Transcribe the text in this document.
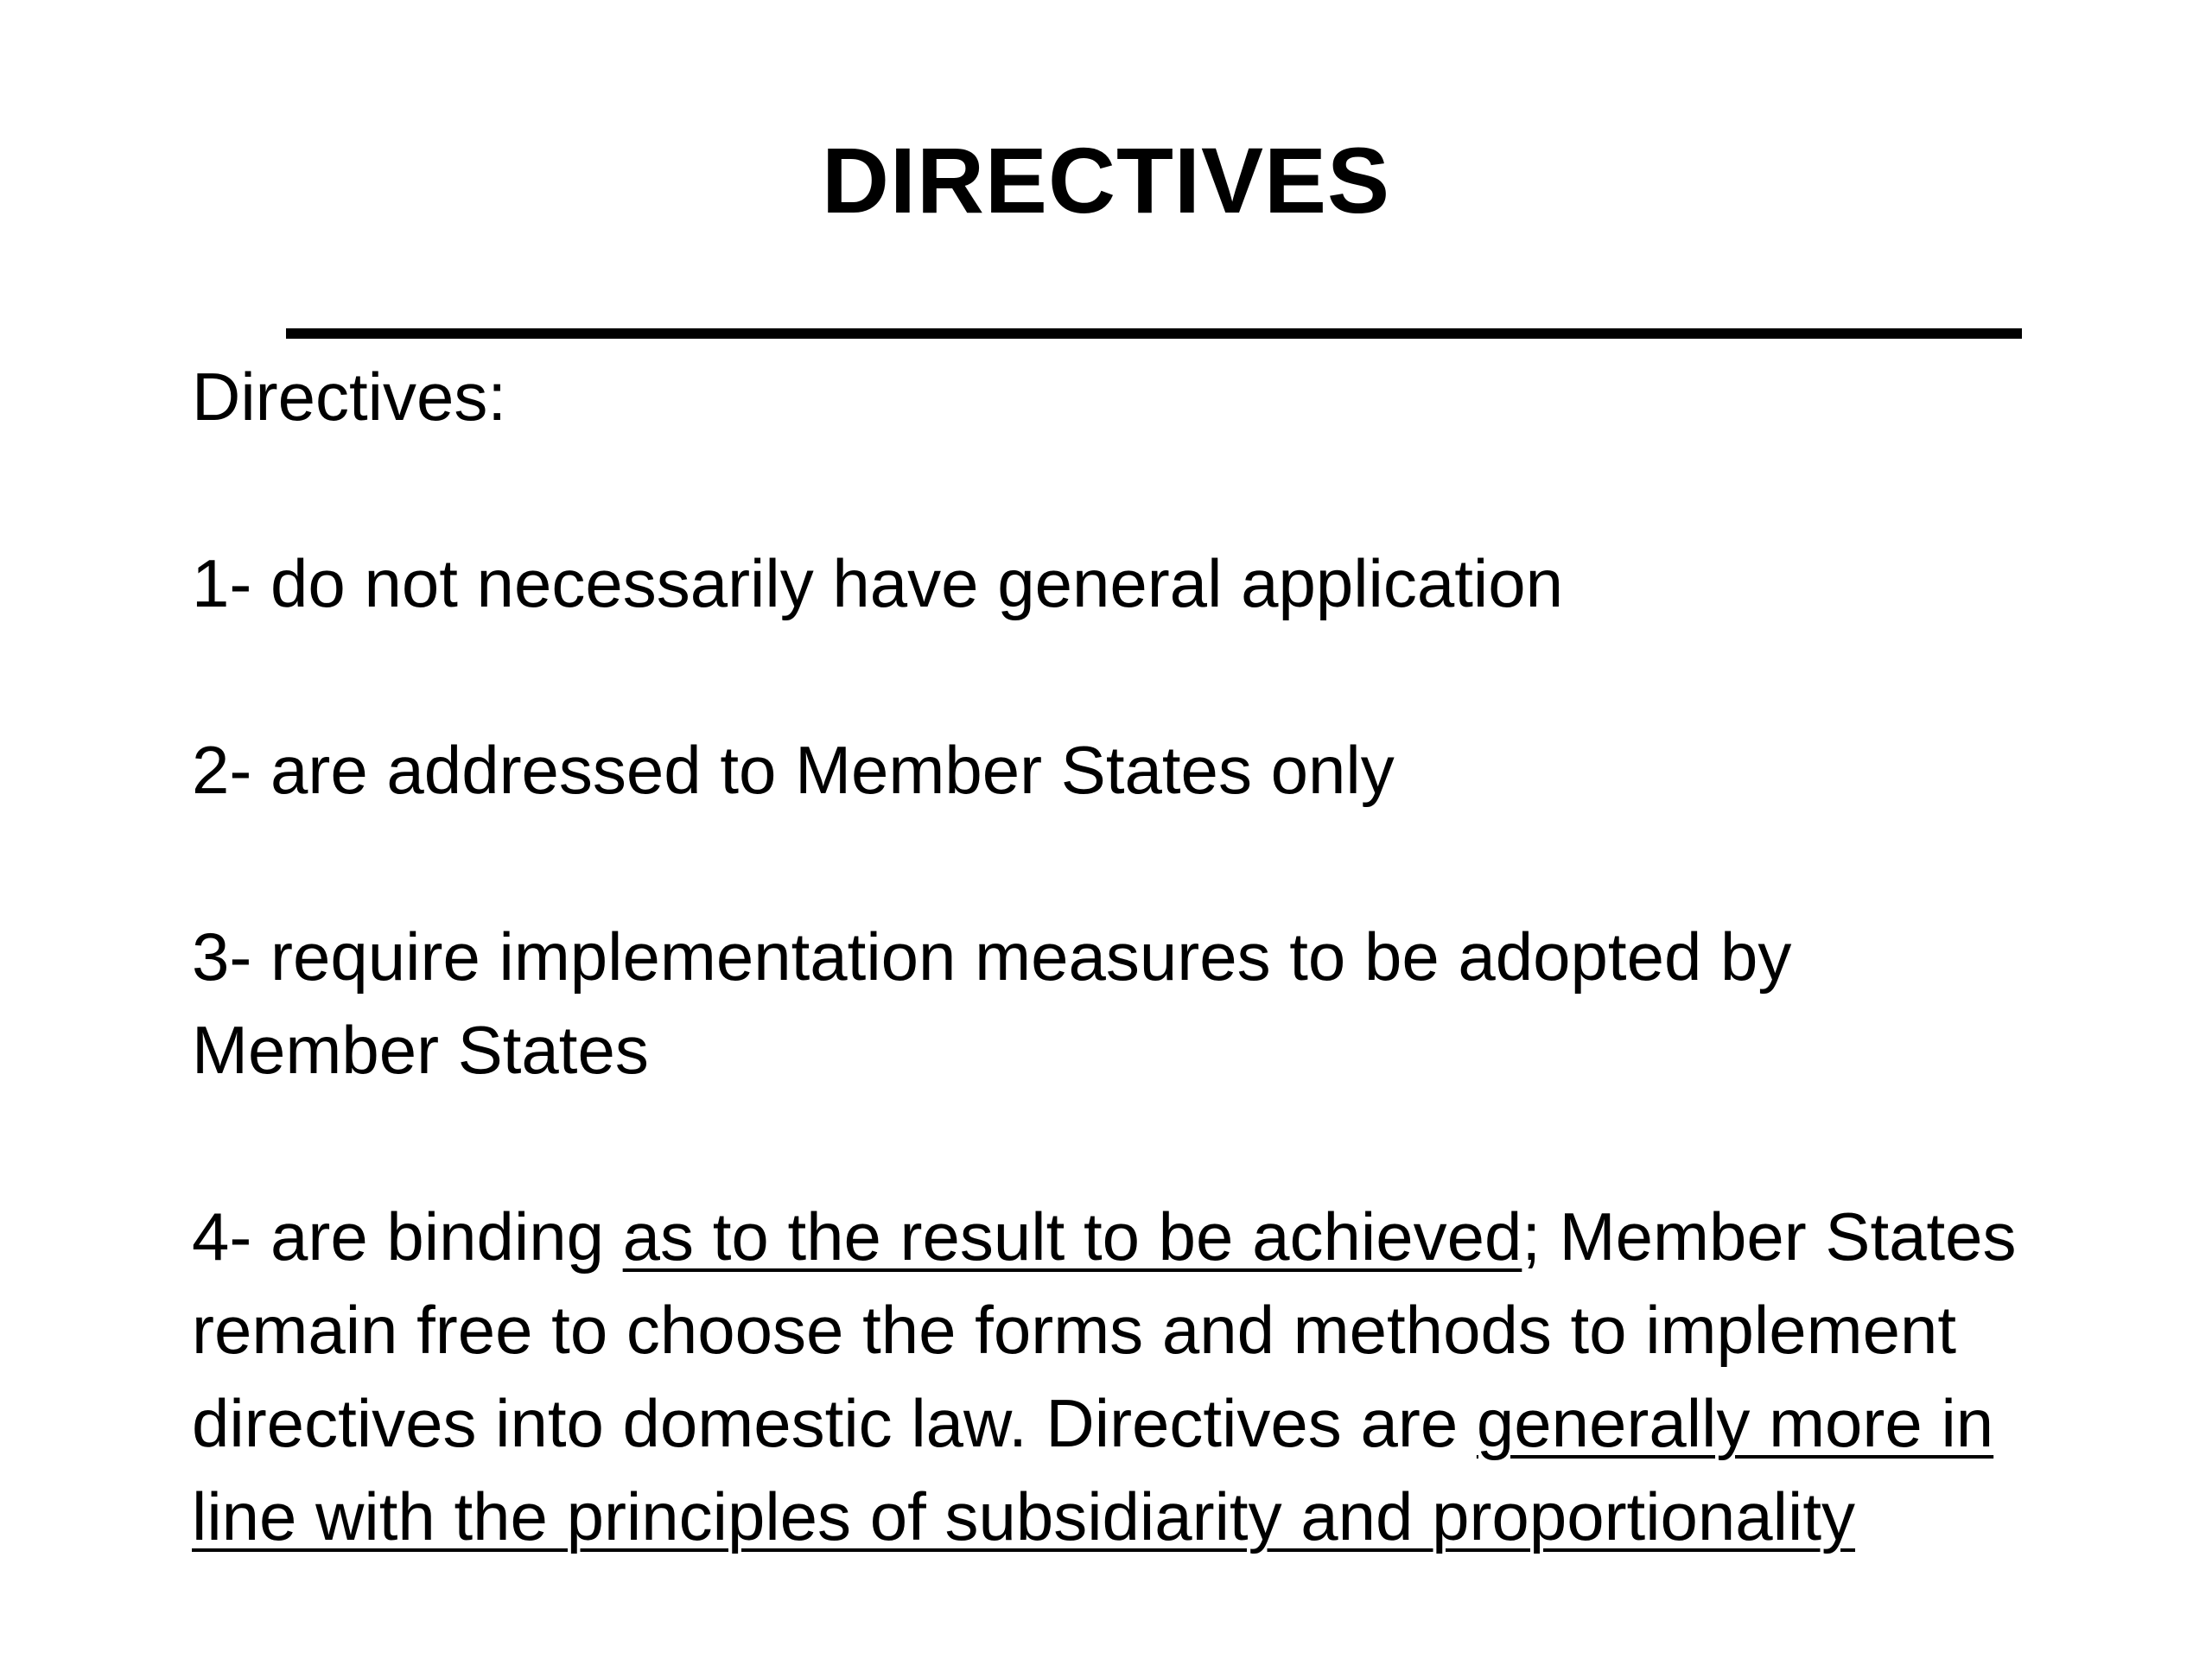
DIRECTIVES

Directives:

1- do not necessarily have general application

2- are addressed to Member States only

3- require implementation measures to be adopted by Member States

4- are binding as to the result to be achieved; Member States remain free to choose the forms and methods to implement directives into domestic law. Directives are generally more in line with the principles of subsidiarity and proportionality
